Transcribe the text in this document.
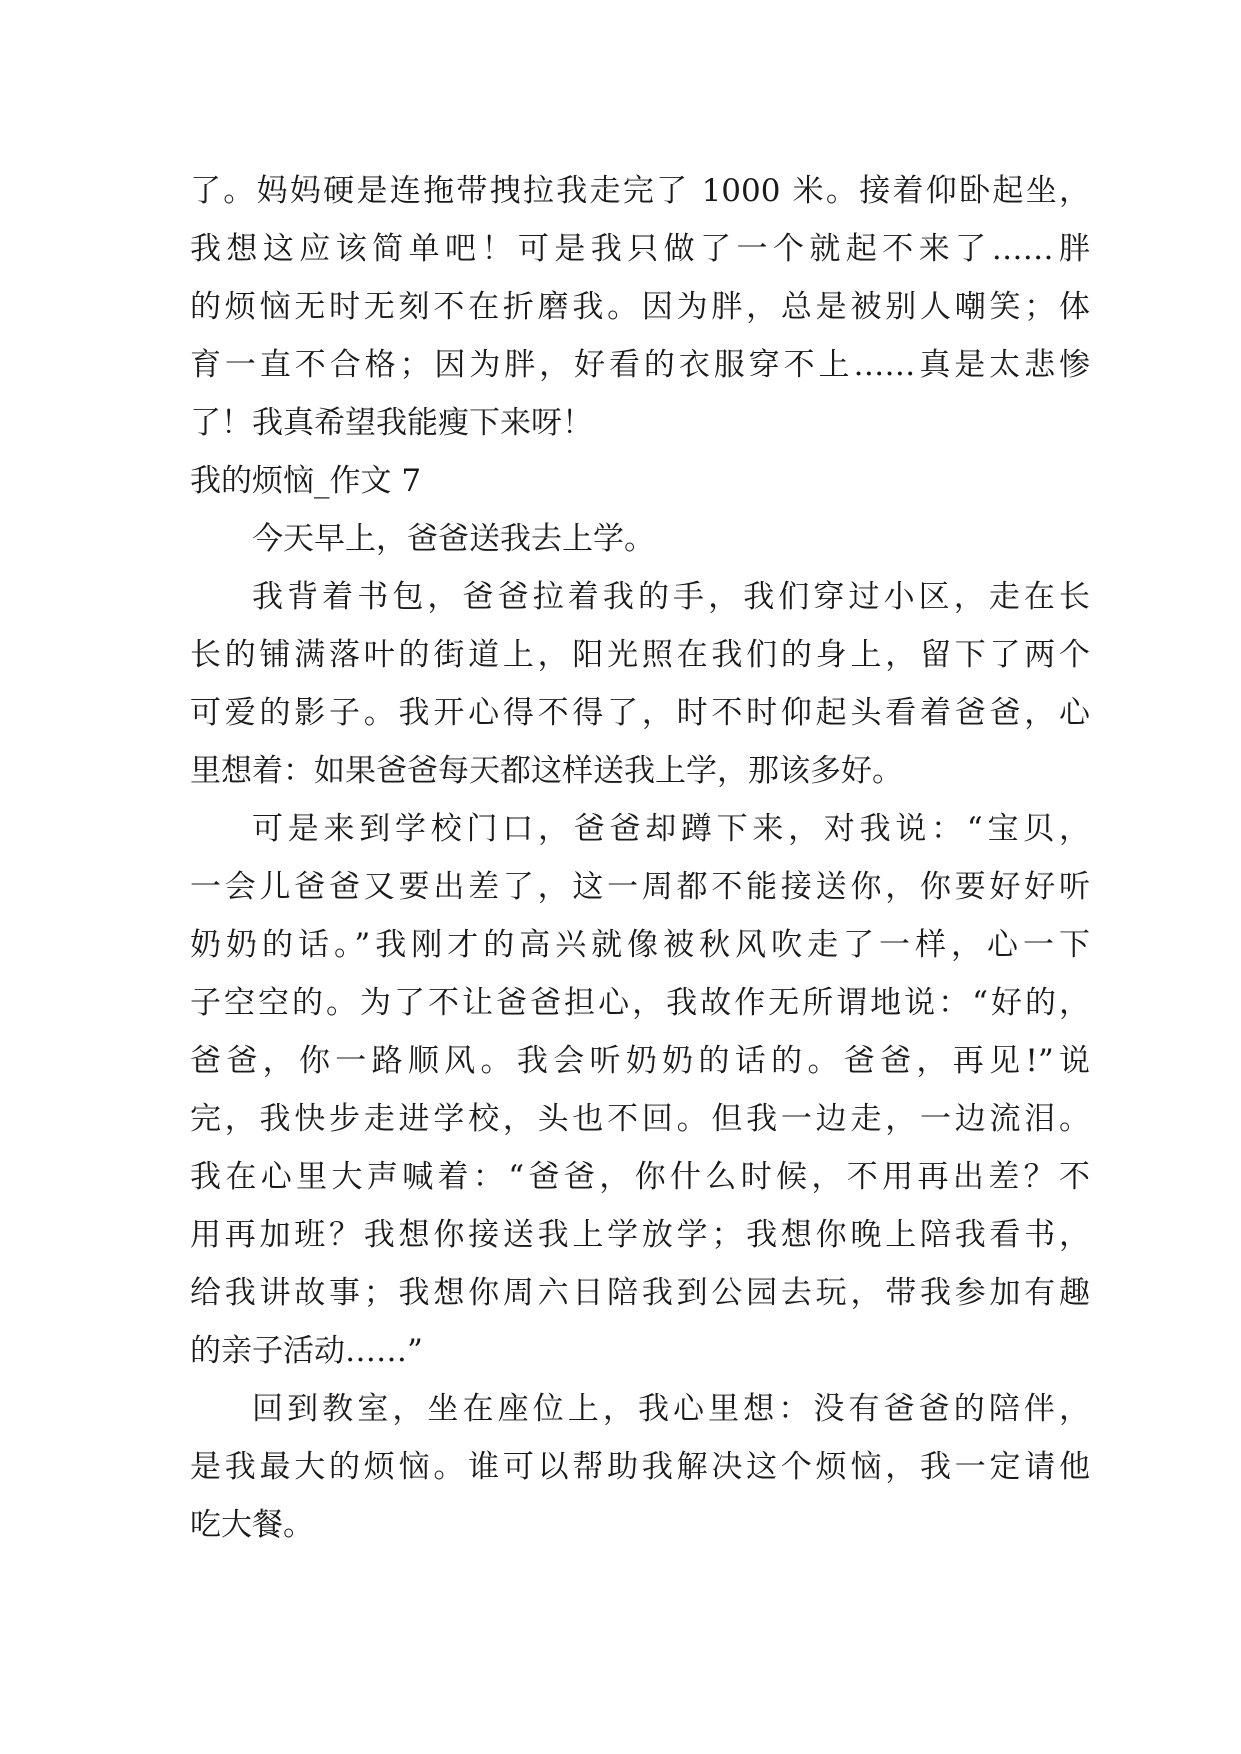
了。妈妈硬是连拖带拽拉我走完了 1000 米。接着仰卧起坐，
我想这应该简单吧！可是我只做了一个就起不来了……胖
的烦恼无时无刻不在折磨我。因为胖，总是被别人嘲笑；体
育一直不合格；因为胖，好看的衣服穿不上……真是太悲惨
了！我真希望我能瘦下来呀！
我的烦恼_作文 7
今天早上，爸爸送我去上学。
我背着书包，爸爸拉着我的手，我们穿过小区，走在长
长的铺满落叶的街道上，阳光照在我们的身上，留下了两个
可爱的影子。我开心得不得了，时不时仰起头看着爸爸，心
里想着：如果爸爸每天都这样送我上学，那该多好。
可是来到学校门口，爸爸却蹲下来，对我说：“宝贝，
一会儿爸爸又要出差了，这一周都不能接送你，你要好好听
奶奶的话。”我刚才的高兴就像被秋风吹走了一样，心一下
子空空的。为了不让爸爸担心，我故作无所谓地说：“好的，
爸爸，你一路顺风。我会听奶奶的话的。爸爸，再见!”说
完，我快步走进学校，头也不回。但我一边走，一边流泪。
我在心里大声喊着：“爸爸，你什么时候，不用再出差？不
用再加班？我想你接送我上学放学；我想你晚上陪我看书，
给我讲故事；我想你周六日陪我到公园去玩，带我参加有趣
的亲子活动……”
回到教室，坐在座位上，我心里想：没有爸爸的陪伴，
是我最大的烦恼。谁可以帮助我解决这个烦恼，我一定请他
吃大餐。
